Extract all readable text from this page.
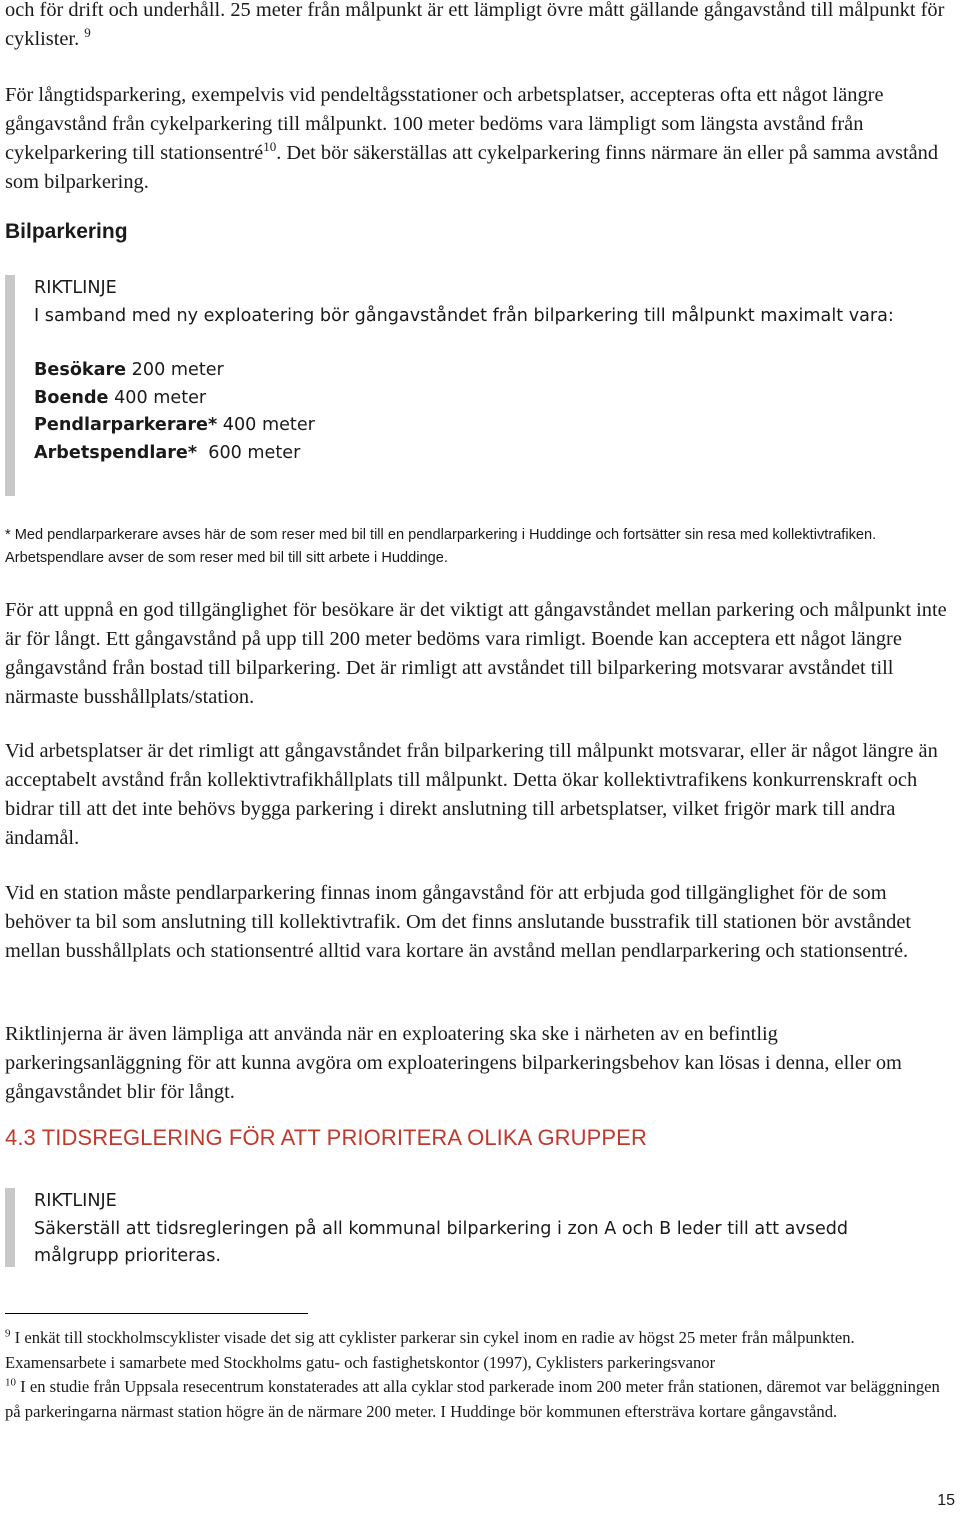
och för drift och underhåll. 25 meter från målpunkt är ett lämpligt övre mått gällande gångavstånd till målpunkt för cyklister. $^9$

För långtidsparkering, exempelvis vid pendeltågsstationer och arbetsplatser, accepteras ofta ett något längre gångavstånd från cykelparkering till målpunkt. 100 meter bedöms vara lämpligt som längsta avstånd från cykelparkering till stationsentré$^{10}$. Det bör säkerställas att cykelparkering finns närmare än eller på samma avstånd som bilparkering.

Bilparkering
RIKTLINJE
I samband med ny exploatering bör gångavståndet från bilparkering till målpunkt maximalt vara:
Besökare 200 meter
Boende 400 meter
Pendlarparkerare* 400 meter
Arbetspendlare*  600 meter
* Med pendlarparkerare avses här de som reser med bil till en pendlarparkering i Huddinge och fortsätter sin resa med kollektivtrafiken. Arbetspendlare avser de som reser med bil till sitt arbete i Huddinge.

För att uppnå en god tillgänglighet för besökare är det viktigt att gångavståndet mellan parkering och målpunkt inte är för långt. Ett gångavstånd på upp till 200 meter bedöms vara rimligt. Boende kan acceptera ett något längre gångavstånd från bostad till bilparkering. Det är rimligt att avståndet till bilparkering motsvarar avståndet till närmaste busshållplats/station.

Vid arbetsplatser är det rimligt att gångavståndet från bilparkering till målpunkt motsvarar, eller är något längre än acceptabelt avstånd från kollektivtrafikhållplats till målpunkt. Detta ökar kollektivtrafikens konkurrenskraft och bidrar till att det inte behövs bygga parkering i direkt anslutning till arbetsplatser, vilket frigör mark till andra ändamål.

Vid en station måste pendlarparkering finnas inom gångavstånd för att erbjuda god tillgänglighet för de som behöver ta bil som anslutning till kollektivtrafik. Om det finns anslutande busstrafik till stationen bör avståndet mellan busshållplats och stationsentré alltid vara kortare än avstånd mellan pendlarparkering och stationsentré.

Riktlinjerna är även lämpliga att använda när en exploatering ska ske i närheten av en befintlig parkeringsanläggning för att kunna avgöra om exploateringens bilparkeringsbehov kan lösas i denna, eller om gångavståndet blir för långt.

4.3 TIDSREGLERING FÖR ATT PRIORITERA OLIKA GRUPPER
RIKTLINJE
Säkerställ att tidsregleringen på all kommunal bilparkering i zon A och B leder till att avsedd målgrupp prioriteras.
$^9$ I enkät till stockholmscyklister visade det sig att cyklister parkerar sin cykel inom en radie av högst 25 meter från målpunkten. Examensarbete i samarbete med Stockholms gatu- och fastighetskontor (1997), Cyklisters parkeringsvanor
$^{10}$ I en studie från Uppsala resecentrum konstaterades att alla cyklar stod parkerade inom 200 meter från stationen, däremot var beläggningen på parkeringarna närmast station högre än de närmare 200 meter. I Huddinge bör kommunen eftersträva kortare gångavstånd.
15
